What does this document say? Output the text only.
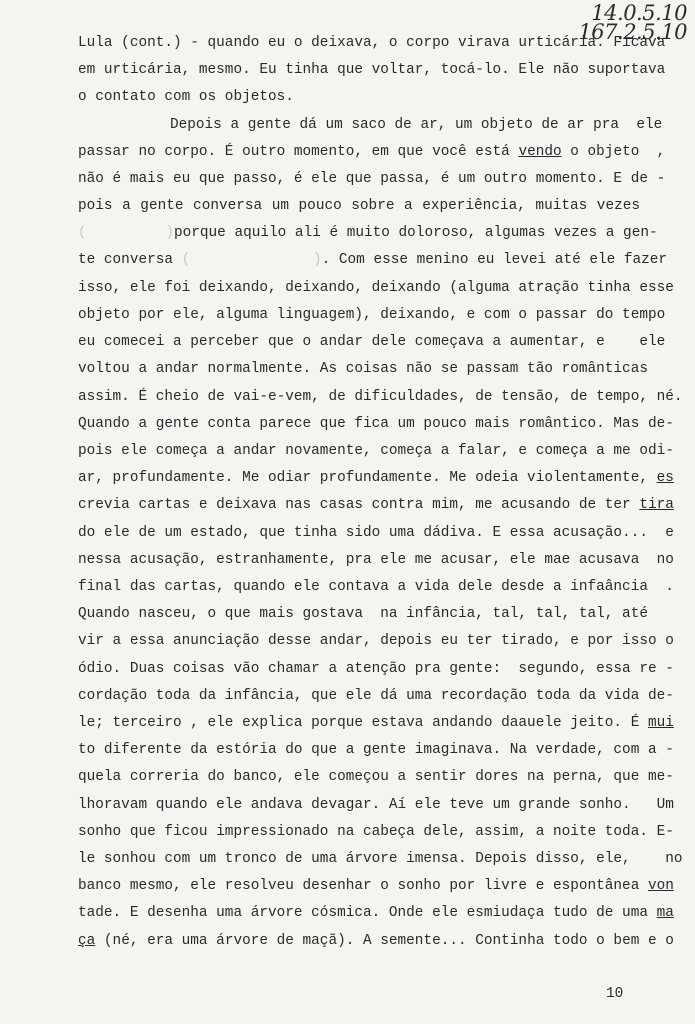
14.0.5.10
167.2.5.10
Lula (cont.) - quando eu o deixava, o corpo virava urticária. Ficava
em urticária, mesmo. Eu tinha que voltar, tocá-lo. Ele não suportava
o contato com os objetos.
Depois a gente dá um saco de ar, um objeto de ar pra  ele
passar no corpo. É outro momento, em que você está vendo o objeto  ,
não é mais eu que passo, é ele que passa, é um outro momento. E de -
pois a gente conversa um pouco sobre a experiência, muitas vezes
(	)porque aquilo ali é muito doloroso, algumas vezes a gen-
te conversa (	). Com esse menino eu levei até ele fazer
isso, ele foi deixando, deixando, deixando (alguma atração tinha esse
objeto por ele, alguma linguagem), deixando, e com o passar do tempo
eu comecei a perceber que o andar dele começava a aumentar, e    ele
voltou a andar normalmente. As coisas não se passam tão românticas
assim. É cheio de vai-e-vem, de dificuldades, de tensão, de tempo, né.
Quando a gente conta parece que fica um pouco mais romântico. Mas de-
pois ele começa a andar novamente, começa a falar, e começa a me odi-
ar, profundamente. Me odiar profundamente. Me odeia violentamente, es
crevia cartas e deixava nas casas contra mim, me acusando de ter tira
do ele de um estado, que tinha sido uma dádiva. E essa acusação...  e
nessa acusação, estranhamente, pra ele me acusar, ele mae acusava  no
final das cartas, quando ele contava a vida dele desde a infaância  .
Quando nasceu, o que mais gostava  na infância, tal, tal, tal, até
vir a essa anunciação desse andar, depois eu ter tirado, e por isso o
ódio. Duas coisas vão chamar a atenção pra gente:  segundo, essa re -
cordação toda da infância, que ele dá uma recordação toda da vida de-
le; terceiro , ele explica porque estava andando daauele jeito. É mui
to diferente da estória do que a gente imaginava. Na verdade, com a -
quela correria do banco, ele começou a sentir dores na perna, que me-
lhoravam quando ele andava devagar. Aí ele teve um grande sonho.   Um
sonho que ficou impressionado na cabeça dele, assim, a noite toda. E-
le sonhou com um tronco de uma árvore imensa. Depois disso, ele,    no
banco mesmo, ele resolveu desenhar o sonho por livre e espontânea von
tade. E desenha uma árvore cósmica. Onde ele esmiudaça tudo de uma ma
ça (né, era uma árvore de maçã). A semente... Continha todo o bem e o
10
